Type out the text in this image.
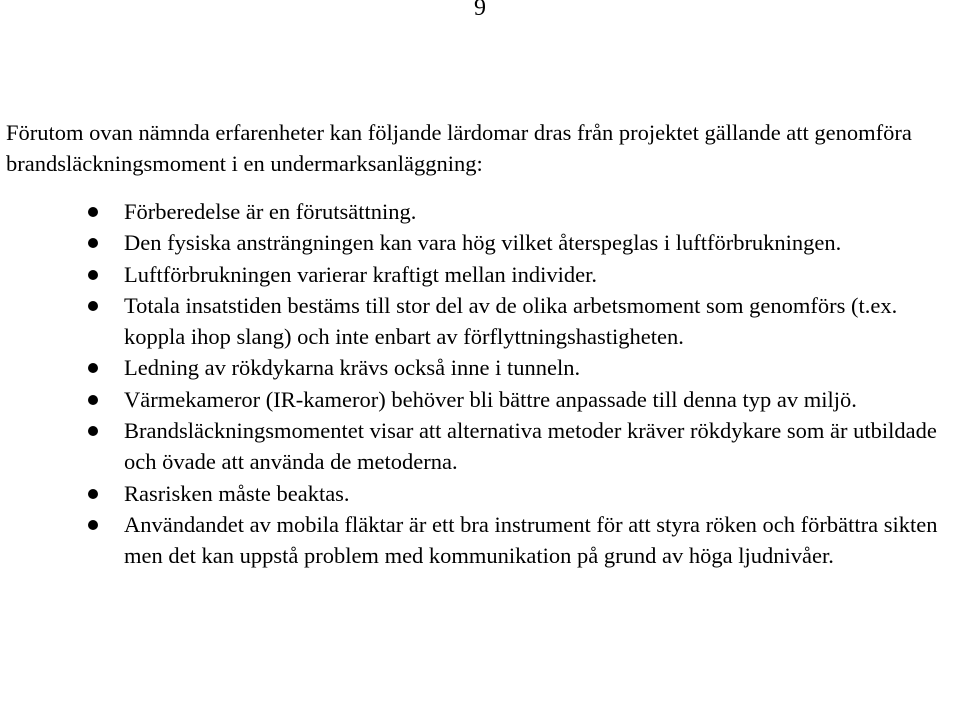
9

Förutom ovan nämnda erfarenheter kan följande lärdomar dras från projektet gällande att genomföra brandsläckningsmoment i en undermarksanläggning:

Förberedelse är en förutsättning.
Den fysiska ansträngningen kan vara hög vilket återspeglas i luftförbrukningen.
Luftförbrukningen varierar kraftigt mellan individer.
Totala insatstiden bestäms till stor del av de olika arbetsmoment som genomförs (t.ex. koppla ihop slang) och inte enbart av förflyttningshastigheten.
Ledning av rökdykarna krävs också inne i tunneln.
Värmekameror (IR-kameror) behöver bli bättre anpassade till denna typ av miljö.
Brandsläckningsmomentet visar att alternativa metoder kräver rökdykare som är utbildade och övade att använda de metoderna.
Rasrisken måste beaktas.
Användandet av mobila fläktar är ett bra instrument för att styra röken och förbättra sikten men det kan uppstå problem med kommunikation på grund av höga ljudnivåer.
